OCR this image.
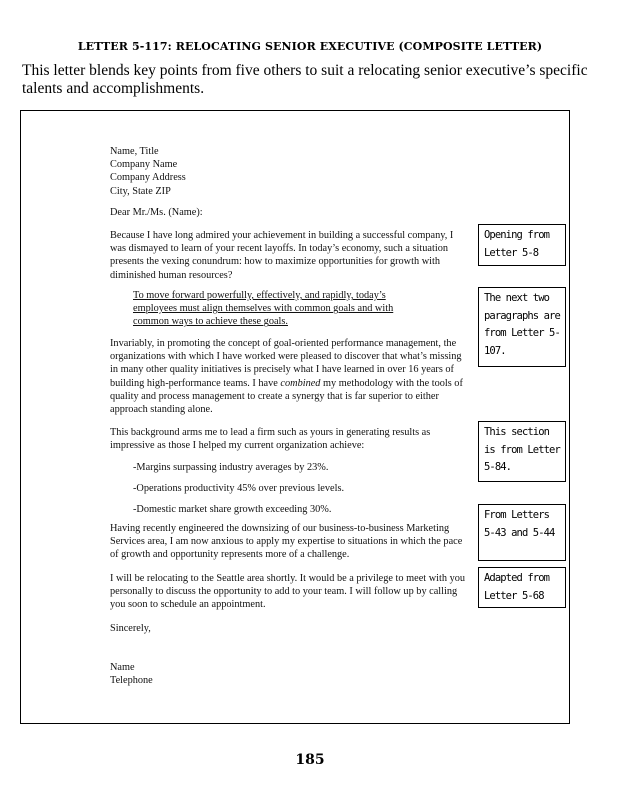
LETTER 5-117: RELOCATING SENIOR EXECUTIVE (COMPOSITE LETTER)
This letter blends key points from five others to suit a relocating senior executive’s specific talents and accomplishments.

Name, Title

Company Name

Company Address

City, State ZIP

Dear Mr./Ms. (Name):

Because I have long admired your achievement in building a successful company, I was dismayed to learn of your recent layoffs. In today’s economy, such a situation presents the vexing conundrum: how to maximize opportunities for growth with diminished human resources?

To move forward powerfully, effectively, and rapidly, today’s employees must align themselves with common goals and with common ways to achieve these goals.

Invariably, in promoting the concept of goal-oriented performance management, the organizations with which I have worked were pleased to discover that what’s missing in many other quality initiatives is precisely what I have learned in over 16 years of building high-performance teams. I have combined my methodology with the tools of quality and process management to create a synergy that is far superior to either approach standing alone.

This background arms me to lead a firm such as yours in generating results as impressive as those I helped my current organization achieve:

-Margins surpassing industry averages by 23%.

-Operations productivity 45% over previous levels.

-Domestic market share growth exceeding 30%.

Having recently engineered the downsizing of our business-to-business Marketing Services area, I am now anxious to apply my expertise to situations in which the pace of growth and opportunity represents more of a challenge.

I will be relocating to the Seattle area shortly. It would be a privilege to meet with you personally to discuss the opportunity to add to your team. I will follow up by calling you soon to schedule an appointment.

Sincerely,

Name

Telephone

Opening from Letter 5-8
The next two paragraphs are from Letter 5-107.
This section is from Letter 5-84.
From Letters 5-43 and 5-44
Adapted from Letter 5-68
185
